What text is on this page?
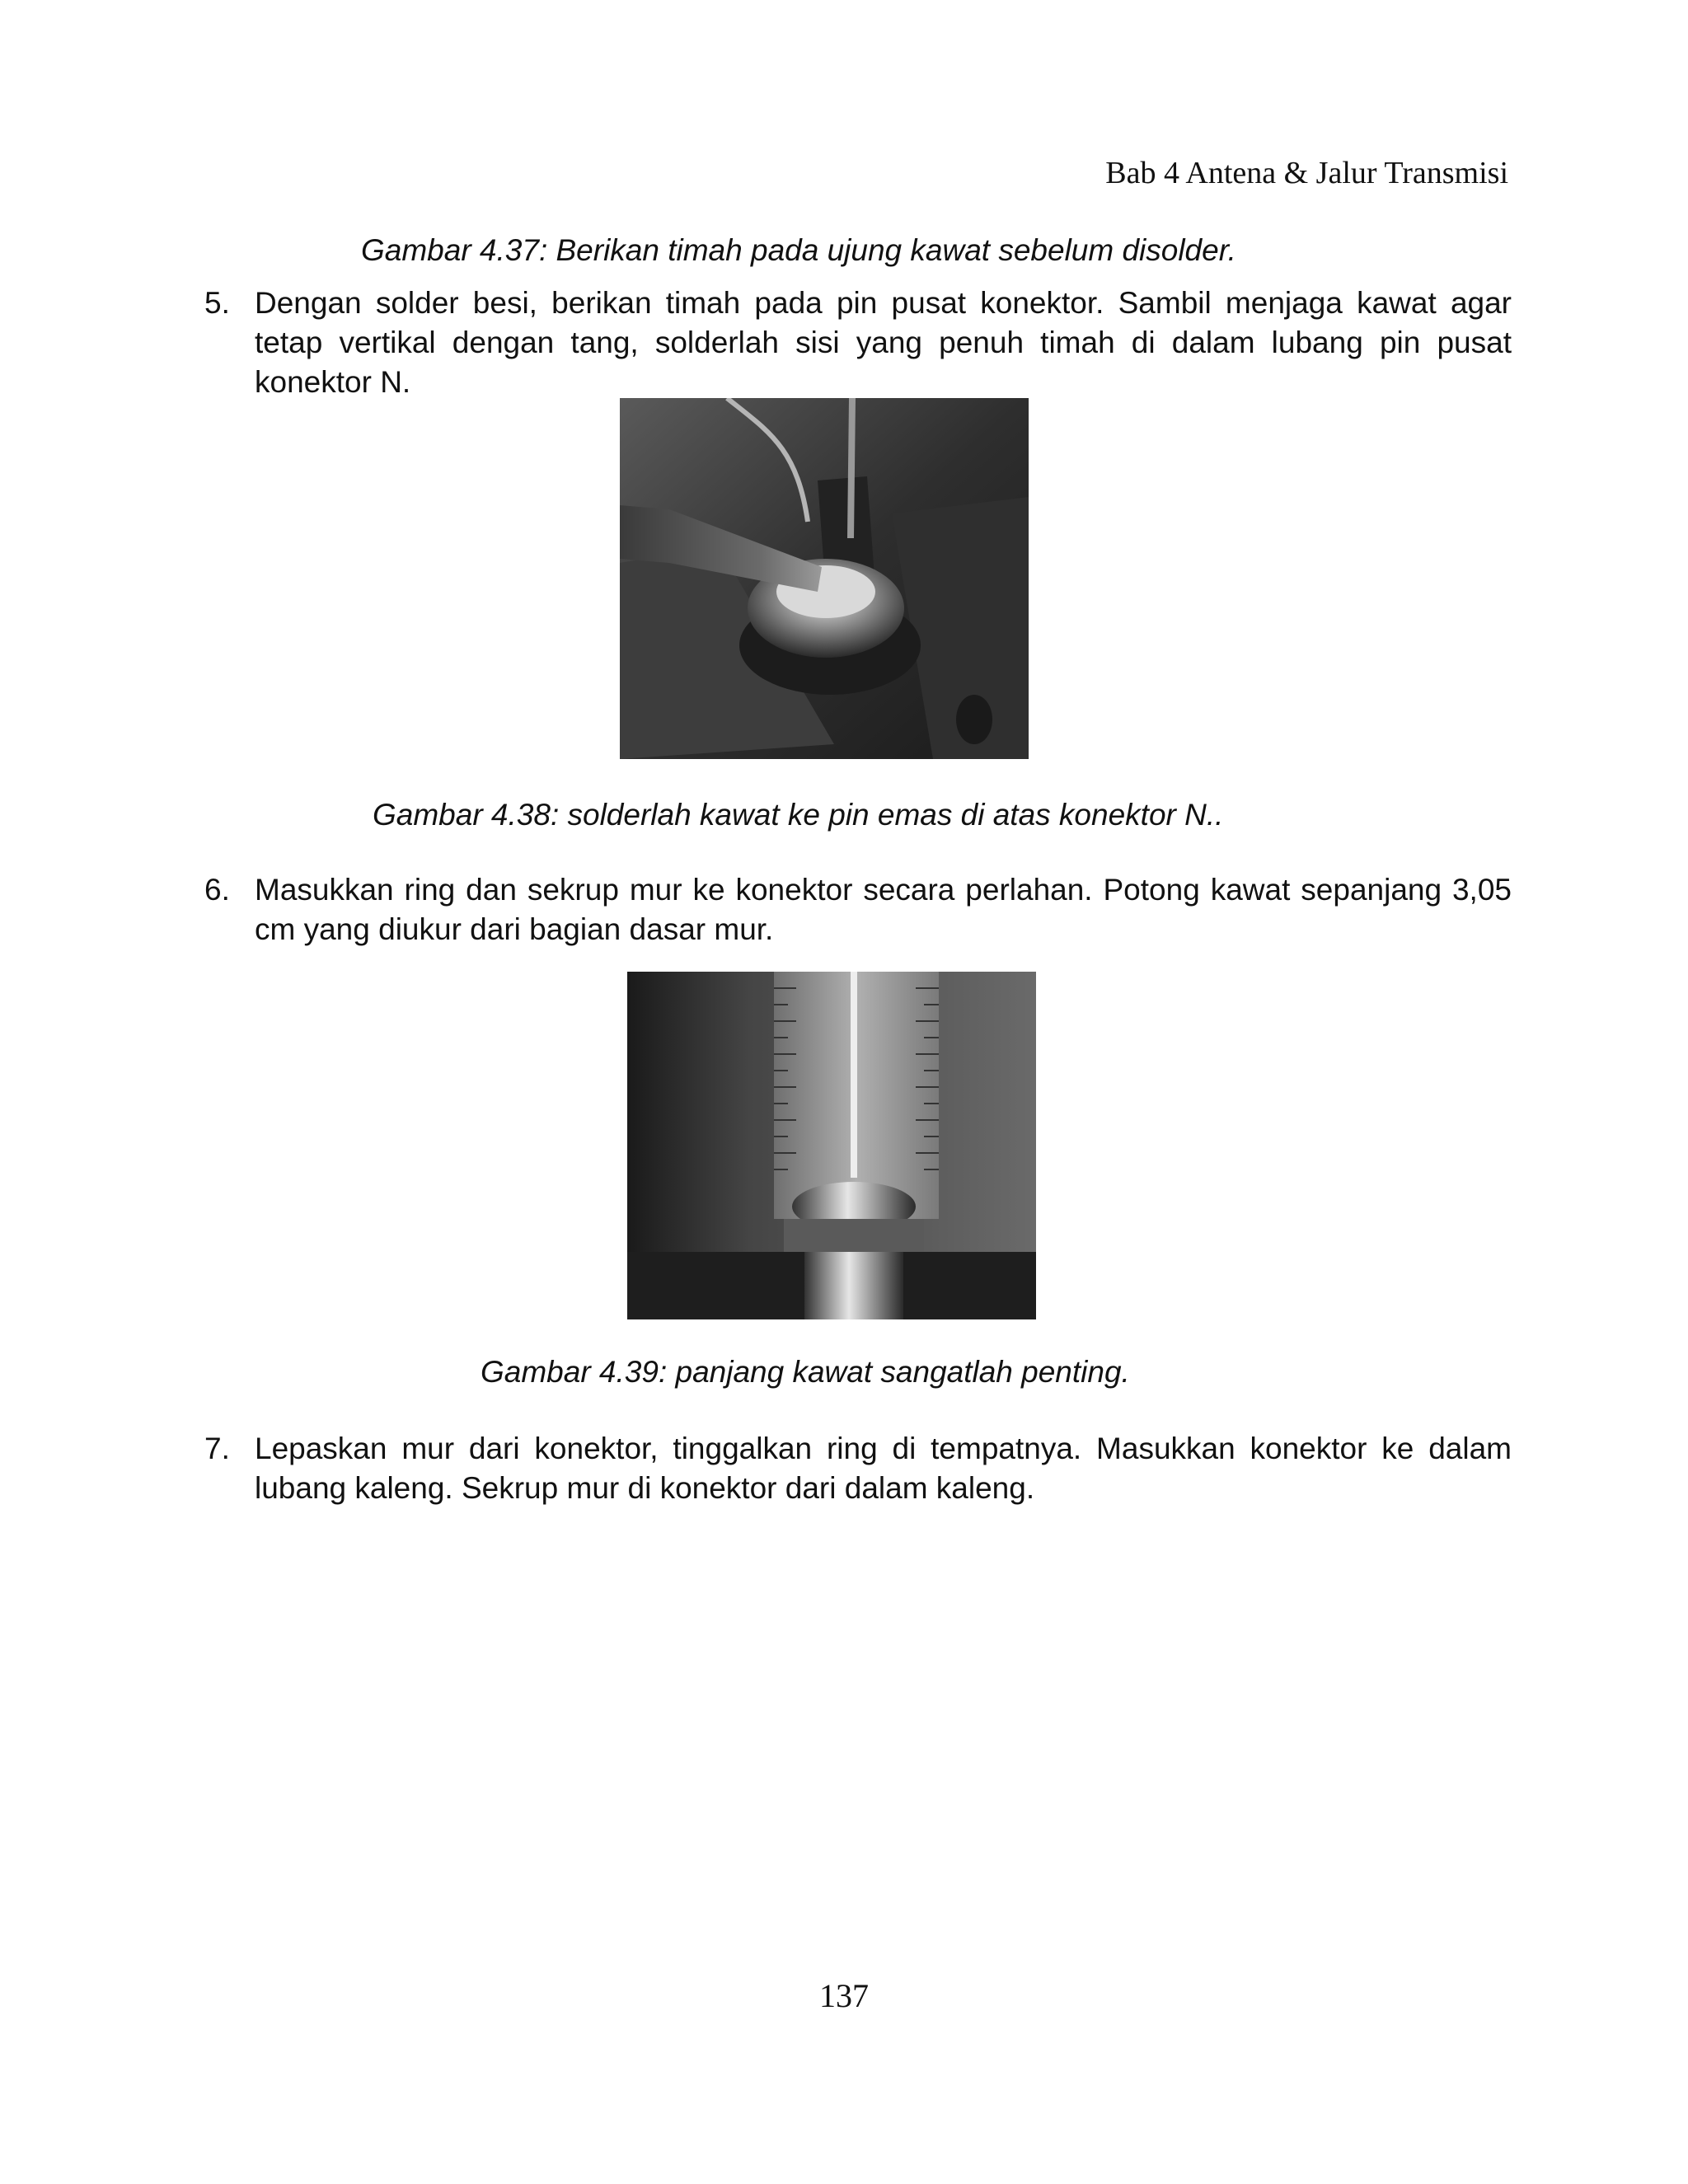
Bab 4 Antena & Jalur Transmisi
Gambar 4.37: Berikan timah pada ujung kawat sebelum disolder.
5. Dengan solder besi, berikan timah pada pin pusat konektor. Sambil menjaga kawat agar tetap vertikal dengan tang, solderlah sisi yang penuh timah di dalam lubang pin pusat konektor N.
Gambar 4.38: solderlah kawat ke pin emas di atas konektor N..
6. Masukkan ring dan sekrup mur ke konektor secara perlahan. Potong kawat sepanjang 3,05 cm yang diukur dari bagian dasar mur.
Gambar 4.39: panjang kawat sangatlah penting.
7. Lepaskan mur dari konektor, tinggalkan ring di tempatnya. Masukkan konektor ke dalam lubang kaleng. Sekrup mur di konektor dari dalam kaleng.
137
